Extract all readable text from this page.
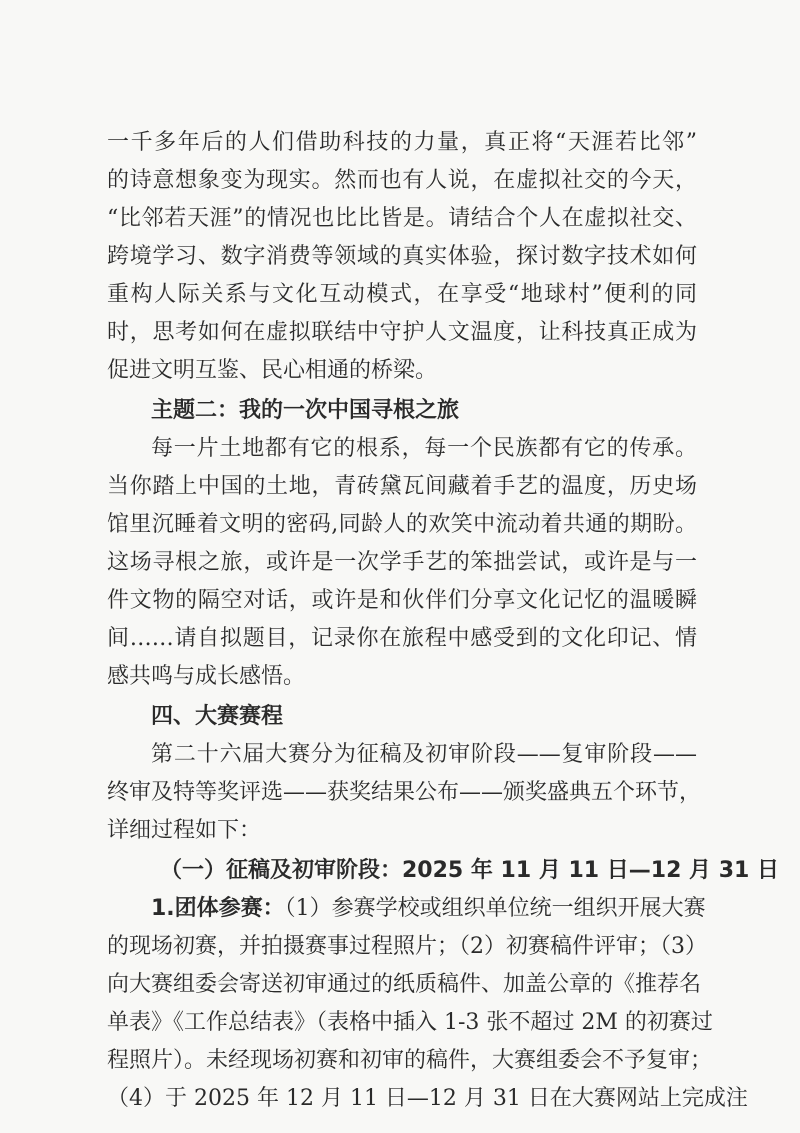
一千多年后的人们借助科技的力量，真正将“天涯若比邻”
的诗意想象变为现实。然而也有人说，在虚拟社交的今天，
“比邻若天涯”的情况也比比皆是。请结合个人在虚拟社交、
跨境学习、数字消费等领域的真实体验，探讨数字技术如何
重构人际关系与文化互动模式，在享受“地球村”便利的同
时，思考如何在虚拟联结中守护人文温度，让科技真正成为
促进文明互鉴、民心相通的桥梁。
主题二：我的一次中国寻根之旅
每一片土地都有它的根系，每一个民族都有它的传承。
当你踏上中国的土地，青砖黛瓦间藏着手艺的温度，历史场
馆里沉睡着文明的密码,同龄人的欢笑中流动着共通的期盼。
这场寻根之旅，或许是一次学手艺的笨拙尝试，或许是与一
件文物的隔空对话，或许是和伙伴们分享文化记忆的温暖瞬
间……请自拟题目，记录你在旅程中感受到的文化印记、情
感共鸣与成长感悟。
四、大赛赛程
第二十六届大赛分为征稿及初审阶段——复审阶段——
终审及特等奖评选——获奖结果公布——颁奖盛典五个环节，
详细过程如下：
（一）征稿及初审阶段：2025 年 11 月 11 日—12 月 31 日
1.团体参赛：（1）参赛学校或组织单位统一组织开展大赛
的现场初赛，并拍摄赛事过程照片；（2）初赛稿件评审；（3）
向大赛组委会寄送初审通过的纸质稿件、加盖公章的《推荐名
单表》《工作总结表》（表格中插入 1-3 张不超过 2M 的初赛过
程照片）。未经现场初赛和初审的稿件，大赛组委会不予复审；
（4）于 2025 年 12 月 11 日—12 月 31 日在大赛网站上完成注
